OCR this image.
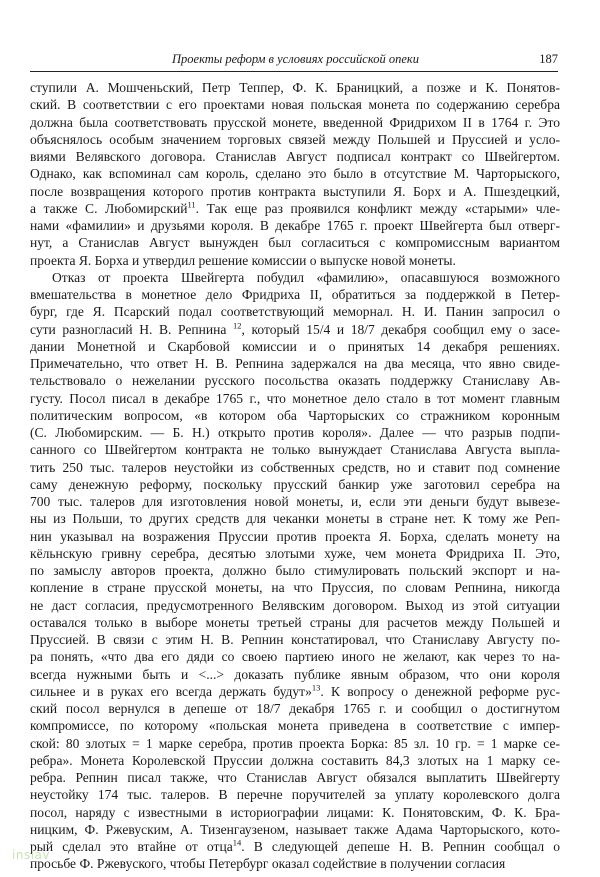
Проекты реформ в условиях российской опеки	187
ступили А. Мошченьский, Петр Теппер, Ф. К. Браницкий, а позже и К. Понятов-
ский. В соответствии с его проектами новая польская монета по содержанию серебра
должна была соответствовать прусской монете, введенной Фридрихом II в 1764 г. Это
объяснялось особым значением торговых связей между Польшей и Пруссией и усло-
виями Велявского договора. Станислав Август подписал контракт со Швейгертом.
Однако, как вспоминал сам король, сделано это было в отсутствие М. Чарторыского,
после возвращения которого против контракта выступили Я. Борх и А. Пшездецкий,
а также С. Любомирский$^{11}$. Так еще раз проявился конфликт между «старыми» чле-
нами «фамилии» и друзьями короля. В декабре 1765 г. проект Швейгерта был отверг-
нут, а Станислав Август вынужден был согласиться с компромиссным вариантом
проекта Я. Борха и утвердил решение комиссии о выпуске новой монеты.
Отказ от проекта Швейгерта побудил «фамилию», опасавшуюся возможного
вмешательства в монетное дело Фридриха II, обратиться за поддержкой в Петер-
бург, где Я. Псарский подал соответствующий меморнал. Н. И. Панин запросил о
сути разногласий Н. В. Репнина $^{12}$, который 15/4 и 18/7 декабря сообщил ему о засе-
дании Монетной и Скарбовой комиссии и о принятых 14 декабря решениях.
Примечательно, что ответ Н. В. Репнина задержался на два месяца, что явно свиде-
тельствовало о нежелании русского посольства оказать поддержку Станиславу Ав-
густу. Посол писал в декабре 1765 г., что монетное дело стало в тот момент главным
политическим вопросом, «в котором оба Чарторыских со стражником коронным
(С. Любомирским. — Б. Н.) открыто против короля». Далее — что разрыв подпи-
санного со Швейгертом контракта не только вынуждает Станислава Августа выпла-
тить 250 тыс. талеров неустойки из собственных средств, но и ставит под сомнение
саму денежную реформу, поскольку прусский банкир уже заготовил серебра на
700 тыс. талеров для изготовления новой монеты, и, если эти деньги будут вывезе-
ны из Польши, то других средств для чеканки монеты в стране нет. К тому же Реп-
нин указывал на возражения Пруссии против проекта Я. Борха, сделать монету на
кёльнскую гривну серебра, десятью злотыми хуже, чем монета Фридриха II. Это,
по замыслу авторов проекта, должно было стимулировать польский экспорт и на-
копление в стране прусской монеты, на что Пруссия, по словам Репнина, никогда
не даст согласия, предусмотренного Велявским договором. Выход из этой ситуации
оставался только в выборе монеты третьей страны для расчетов между Польшей и
Пруссией. В связи с этим Н. В. Репнин констатировал, что Станиславу Августу по-
ра понять, «что два его дяди со своею партиею иного не желают, как через то на-
всегда нужными быть и <...> доказать публике явным образом, что они короля
сильнее и в руках его всегда держать будут»$^{13}$. К вопросу о денежной реформе рус-
ский посол вернулся в депеше от 18/7 декабря 1765 г. и сообщил о достигнутом
компромиссе, по которому «польская монета приведена в соответствие с импер-
ской: 80 злотых = 1 марке серебра, против проекта Борка: 85 зл. 10 гр. = 1 марке се-
ребра». Монета Королевской Пруссии должна составить 84,3 злотых на 1 марку се-
ребра. Репнин писал также, что Станислав Август обязался выплатить Швейгерту
неустойку 174 тыс. талеров. В перечне поручителей за уплату королевского долга
посол, наряду с известными в историографии лицами: К. Понятовским, Ф. К. Бра-
ницким, Ф. Ржевуским, А. Тизенгаузеном, называет также Адама Чарторыского, кото-
рый сделал это втайне от отца$^{14}$. В следующей депеше Н. В. Репнин сообщал о
просьбе Ф. Ржевуского, чтобы Петербург оказал содействие в получении согласия
inslav
